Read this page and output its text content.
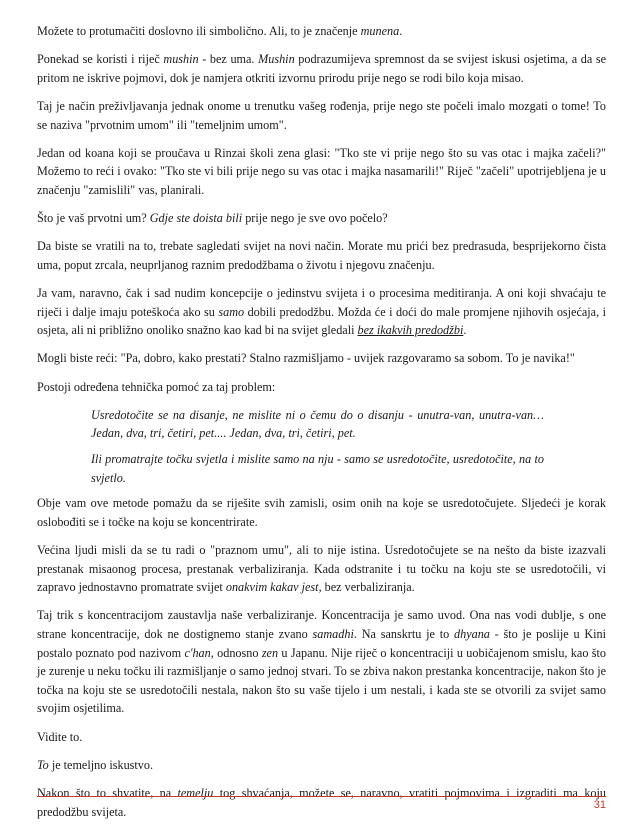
Možete to protumačiti doslovno ili simbolično. Ali, to je značenje munena.

Ponekad se koristi i riječ mushin - bez uma. Mushin podrazumijeva spremnost da se svijest iskusi osjetima, a da se pritom ne iskrive pojmovi, dok je namjera otkriti izvornu prirodu prije nego se rodi bilo koja misao.

Taj je način preživljavanja jednak onome u trenutku vašeg rođenja, prije nego ste počeli imalo mozgati o tome! To se naziva "prvotnim umom" ili "temeljnim umom".

Jedan od koana koji se proučava u Rinzai školi zena glasi: "Tko ste vi prije nego što su vas otac i majka začeli?" Možemo to reći i ovako: "Tko ste vi bili prije nego su vas otac i majka nasamarili!" Riječ "začeli" upotrijebljena je u značenju "zamislili" vas, planirali.

Što je vaš prvotni um? Gdje ste doista bili prije nego je sve ovo počelo?

Da biste se vratili na to, trebate sagledati svijet na novi način. Morate mu prići bez predrasuda, besprijekorno čista uma, poput zrcala, neuprljanog raznim predodžbama o životu i njegovu značenju.

Ja vam, naravno, čak i sad nudim koncepcije o jedinstvu svijeta i o procesima meditiranja. A oni koji shvaćaju te riječi i dalje imaju poteškoća ako su samo dobili predodžbu. Možda će i doći do male promjene njihovih osjećaja, i osjeta, ali ni približno onoliko snažno kao kad bi na svijet gledali bez ikakvih predodžbi.

Mogli biste reći: "Pa, dobro, kako prestati? Stalno razmišljamo - uvijek razgovaramo sa sobom. To je navika!"

Postoji određena tehnička pomoć za taj problem:

Usredotočite se na disanje, ne mislite ni o čemu do o disanju - unutra-van, unutra-van… Jedan, dva, tri, četiri, pet.... Jedan, dva, tri, četiri, pet.

Ili promatrajte točku svjetla i mislite samo na nju - samo se usredotočite, usredotočite, na to svjetlo.

Obje vam ove metode pomažu da se riješite svih zamisli, osim onih na koje se usredotočujete. Sljedeći je korak oslobođiti se i točke na koju se koncentrirate.

Većina ljudi misli da se tu radi o "praznom umu", ali to nije istina. Usredotočujete se na nešto da biste izazvali prestanak misaonog procesa, prestanak verbaliziranja. Kada odstranite i tu točku na koju ste se usredotočili, vi zapravo jednostavno promatrate svijet onakvim kakav jest, bez verbaliziranja.

Taj trik s koncentracijom zaustavlja naše verbaliziranje. Koncentracija je samo uvod. Ona nas vodi dublje, s one strane koncentracije, dok ne dostignemo stanje zvano samadhi. Na sanskrtu je to dhyana - što je poslije u Kini postalo poznato pod nazivom c'han, odnosno zen u Japanu. Nije riječ o koncentraciji u uobičajenom smislu, kao što je zurenje u neku točku ili razmišljanje o samo jednoj stvari. To se zbiva nakon prestanka koncentracije, nakon što je točka na koju ste se usredotočili nestala, nakon što su vaše tijelo i um nestali, i kada ste se otvorili za svijet samo svojim osjetilima.

Vidite to.

To je temeljno iskustvo.

Nakon što to shvatite, na temelju tog shvaćanja, možete se, naravno, vratiti pojmovima i izgraditi ma koju predodžbu svijeta.	31
